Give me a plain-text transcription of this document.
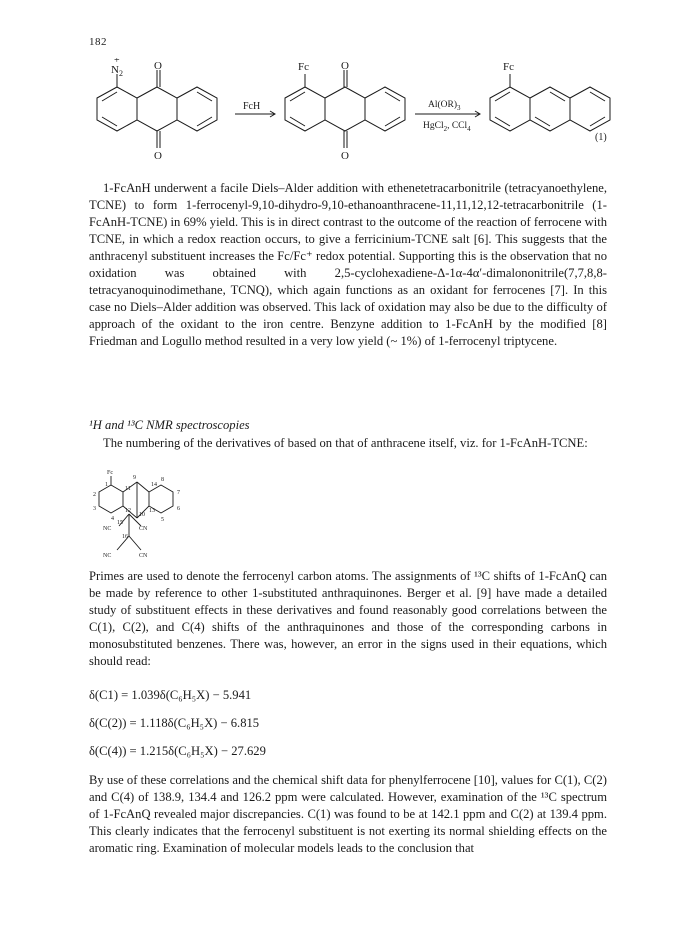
182
+
N 2
O
O
FcH
Fc	O
O
$Al(OR)_3$
HgCl$_2$, CCl$_4$
Fc
(1)
1-FcAnH underwent a facile Diels–Alder addition with ethenetetracarbonitrile (tetracyanoethylene, TCNE) to form 1-ferrocenyl-9,10-dihydro-9,10-ethanoanthracene-11,11,12,12-tetracarbonitrile (1-FcAnH-TCNE) in 69% yield. This is in direct contrast to the outcome of the reaction of ferrocene with TCNE, in which a redox reaction occurs, to give a ferricinium-TCNE salt [6]. This suggests that the anthracenyl substituent increases the Fc/Fc⁺ redox potential. Supporting this is the observation that no oxidation was obtained with 2,5-cyclohexadiene-Δ-1α-4α′-dimalononitrile(7,7,8,8-tetracyanoquinodimethane, TCNQ), which again functions as an oxidant for ferrocenes [7]. In this case no Diels–Alder addition was observed. This lack of oxidation may also be due to the difficulty of approach of the oxidant to the iron centre. Benzyne addition to 1-FcAnH by the modified [8] Friedman and Logullo method resulted in a very low yield (~ 1%) of 1-ferrocenyl triptycene.
¹H and ¹³C NMR spectroscopies
The numbering of the derivatives of based on that of anthracene itself, viz. for 1-FcAnH-TCNE:
Fc
1
2
3
4
9
14
8
7
6
5
10
11
13
12
15
16
NC	CN
NC	CN
Primes are used to denote the ferrocenyl carbon atoms. The assignments of ¹³C shifts of 1-FcAnQ can be made by reference to other 1-substituted anthraquinones. Berger et al. [9] have made a detailed study of substituent effects in these derivatives and found reasonably good correlations between the C(1), C(2), and C(4) shifts of the anthraquinones and those of the corresponding carbons in monosubstituted benzenes. There was, however, an error in the signs used in their equations, which should read:
δ(C1) = 1.039δ(C₆H₅X) − 5.941
δ(C(2)) = 1.118δ(C₆H₅X) − 6.815
δ(C(4)) = 1.215δ(C₆H₅X) − 27.629
By use of these correlations and the chemical shift data for phenylferrocene [10], values for C(1), C(2) and C(4) of 138.9, 134.4 and 126.2 ppm were calculated. However, examination of the ¹³C spectrum of 1-FcAnQ revealed major discrepancies. C(1) was found to be at 142.1 ppm and C(2) at 139.4 ppm. This clearly indicates that the ferrocenyl substituent is not exerting its normal shielding effects on the aromatic ring. Examination of molecular models leads to the conclusion that
